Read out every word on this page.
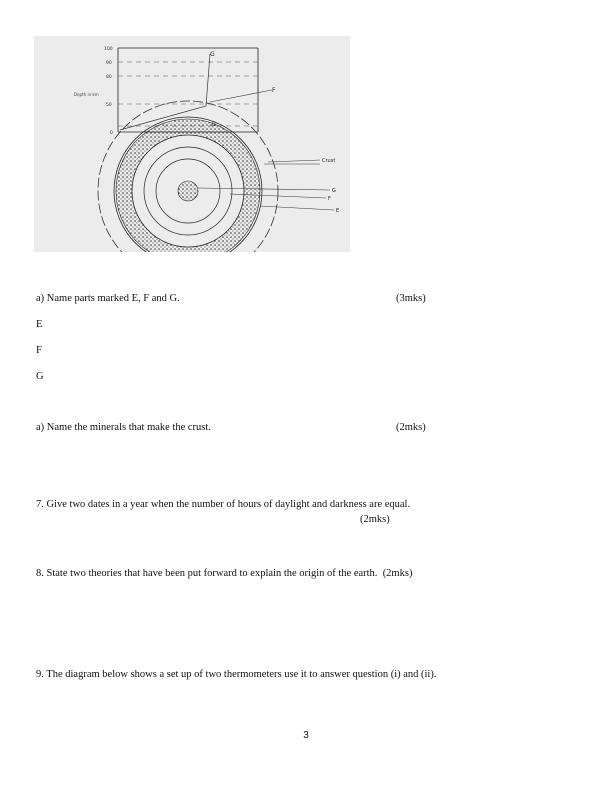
100
90
80
50
0
Depth in km
G
F
Crust
G
F
E
a) Name parts marked E, F and G.	(3mks)
E
F
G
a) Name the minerals that make the crust.	(2mks)
7. Give two dates in a year when the number of hours of daylight and darkness are equal.
(2mks)
8. State two theories that have been put forward to explain the origin of the earth. (2mks)
9. The diagram below shows a set up of two thermometers use it to answer question (i) and (ii).
3
